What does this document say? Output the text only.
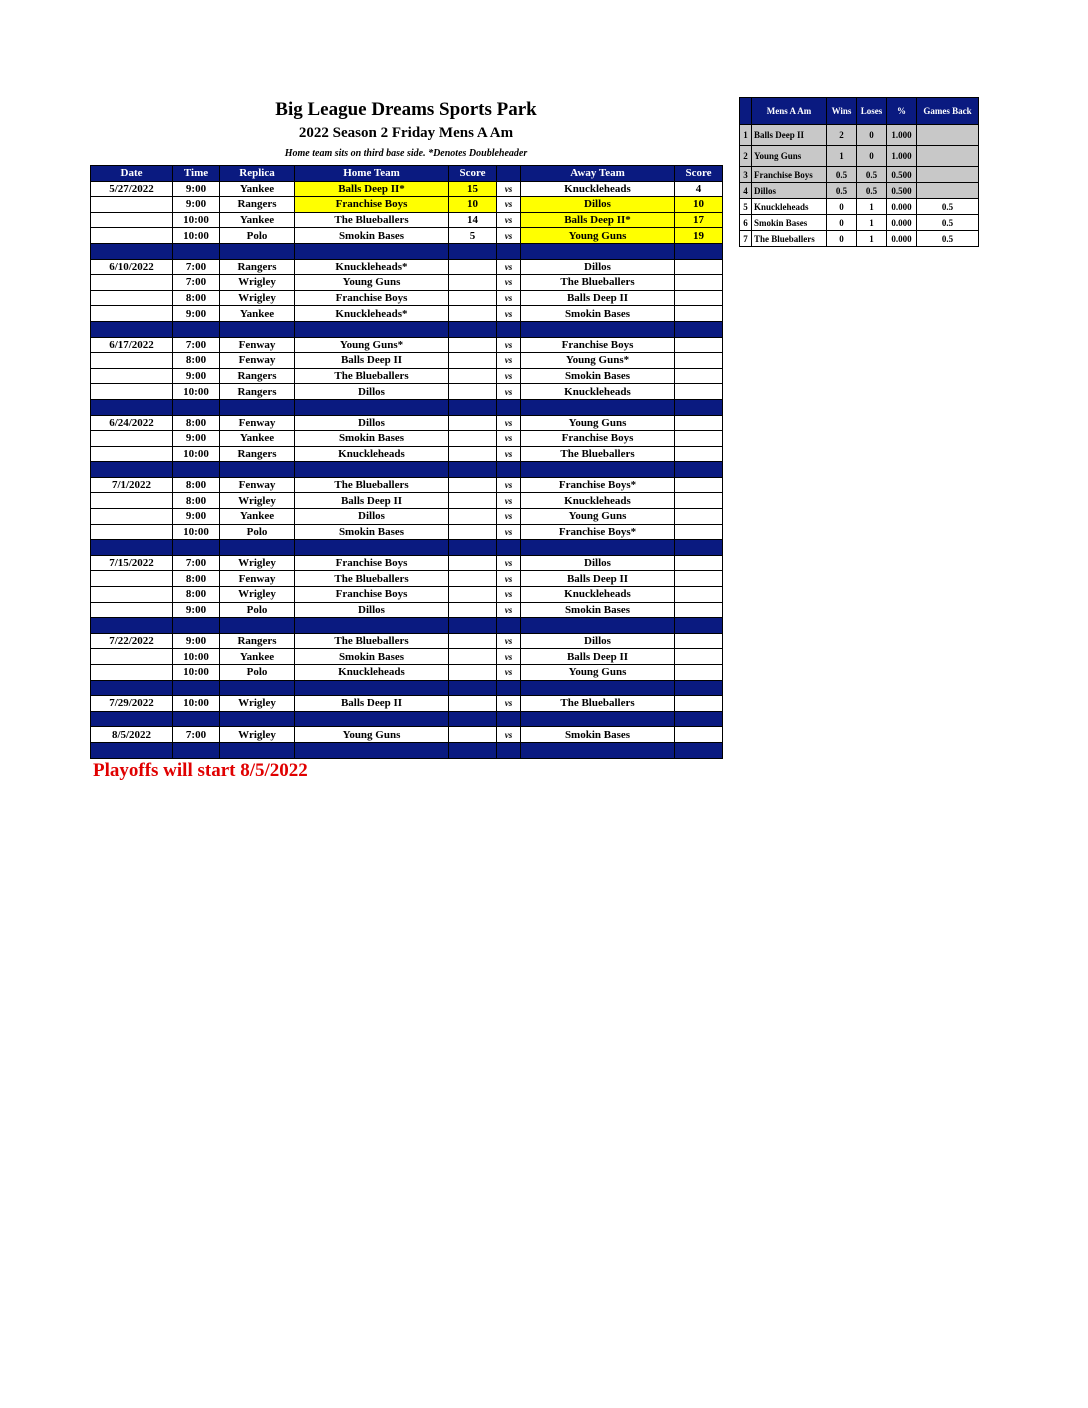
Big League Dreams Sports Park
2022 Season 2 Friday Mens A Am
Home team sits on third base side. *Denotes Doubleheader
Date	Time	Replica	Home Team	Score		Away Team	Score
5/27/2022	9:00	Yankee	Balls Deep II*	15	vs	Knuckleheads	4
	9:00	Rangers	Franchise Boys	10	vs	Dillos	10
	10:00	Yankee	The Blueballers	14	vs	Balls Deep II*	17
	10:00	Polo	Smokin Bases	5	vs	Young Guns	19

6/10/2022	7:00	Rangers	Knuckleheads*		vs	Dillos	
	7:00	Wrigley	Young Guns		vs	The Blueballers	
	8:00	Wrigley	Franchise Boys		vs	Balls Deep II	
	9:00	Yankee	Knuckleheads*		vs	Smokin Bases	

6/17/2022	7:00	Fenway	Young Guns*		vs	Franchise Boys	
	8:00	Fenway	Balls Deep II		vs	Young Guns*	
	9:00	Rangers	The Blueballers		vs	Smokin Bases	
	10:00	Rangers	Dillos		vs	Knuckleheads	

6/24/2022	8:00	Fenway	Dillos		vs	Young Guns	
	9:00	Yankee	Smokin Bases		vs	Franchise Boys	
	10:00	Rangers	Knuckleheads		vs	The Blueballers	

7/1/2022	8:00	Fenway	The Blueballers		vs	Franchise Boys*	
	8:00	Wrigley	Balls Deep II		vs	Knuckleheads	
	9:00	Yankee	Dillos		vs	Young Guns	
	10:00	Polo	Smokin Bases		vs	Franchise Boys*	

7/15/2022	7:00	Wrigley	Franchise Boys		vs	Dillos	
	8:00	Fenway	The Blueballers		vs	Balls Deep II	
	8:00	Wrigley	Franchise Boys		vs	Knuckleheads	
	9:00	Polo	Dillos		vs	Smokin Bases	

7/22/2022	9:00	Rangers	The Blueballers		vs	Dillos	
	10:00	Yankee	Smokin Bases		vs	Balls Deep II	
	10:00	Polo	Knuckleheads		vs	Young Guns	

7/29/2022	10:00	Wrigley	Balls Deep II		vs	The Blueballers	

8/5/2022	7:00	Wrigley	Young Guns		vs	Smokin Bases	

	Mens A Am	Wins	Loses	%	Games Back
1	Balls Deep II	2	0	1.000	
2	Young Guns	1	0	1.000	
3	Franchise Boys	0.5	0.5	0.500	
4	Dillos	0.5	0.5	0.500	
5	Knuckleheads	0	1	0.000	0.5
6	Smokin Bases	0	1	0.000	0.5
7	The Blueballers	0	1	0.000	0.5
Playoffs will start 8/5/2022
